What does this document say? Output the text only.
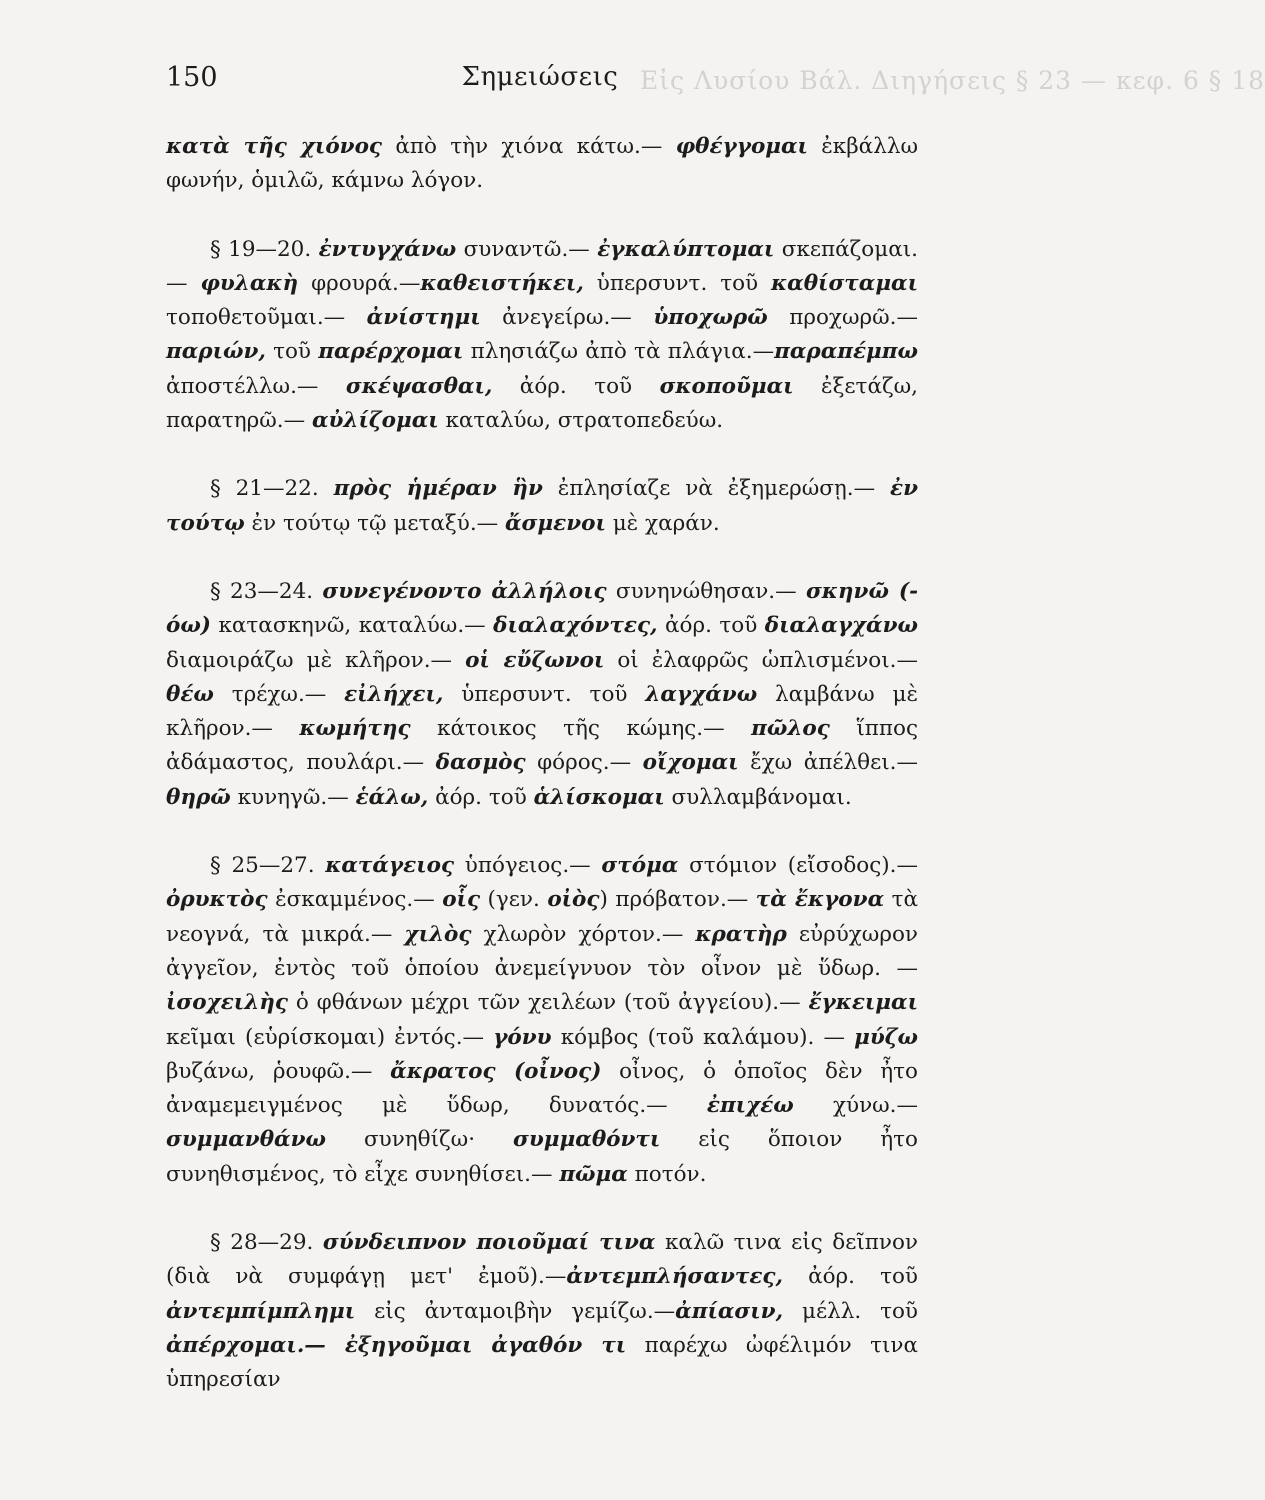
Εἰς Λυσίου Βάλ. Διηγήσεις § 23 — κεφ. 6 § 18
150	Σημειώσεις

κατὰ τῆς χιόνος ἀπὸ τὴν χιόνα κάτω.— φθέγγομαι ἐκβάλλω φωνήν, ὁμιλῶ, κάμνω λόγον.

§ 19—20. ἐντυγχάνω συναντῶ.— ἐγκαλύπτομαι σκεπάζομαι.— φυλακὴ φρουρά.—καθειστήκει, ὑπερσυντ. τοῦ καθίσταμαι τοποθετοῦμαι.— ἀνίστημι ἀνεγείρω.— ὑποχωρῶ προχωρῶ.— παριών, τοῦ παρέρχομαι πλησιάζω ἀπὸ τὰ πλάγια.—παραπέμπω ἀποστέλλω.— σκέψασθαι, ἀόρ. τοῦ σκοποῦμαι ἐξετάζω, παρατηρῶ.— αὐλίζομαι καταλύω, στρατοπεδεύω.

§ 21—22. πρὸς ἡμέραν ἣν ἐπλησίαζε νὰ ἐξημερώσῃ.— ἐν τούτῳ ἐν τούτῳ τῷ μεταξύ.— ἄσμενοι μὲ χαράν.

§ 23—24. συνεγένοντο ἀλλήλοις συνηνώθησαν.— σκηνῶ (-όω) κατασκηνῶ, καταλύω.— διαλαχόντες, ἀόρ. τοῦ διαλαγχάνω διαμοιράζω μὲ κλῆρον.— οἱ εὔζωνοι οἱ ἐλαφρῶς ὡπλισμένοι.— θέω τρέχω.— εἰλήχει, ὑπερσυντ. τοῦ λαγχάνω λαμβάνω μὲ κλῆρον.— κωμήτης κάτοικος τῆς κώμης.— πῶλος ἵππος ἀδάμαστος, πουλάρι.— δασμὸς φόρος.— οἴχομαι ἔχω ἀπέλθει.— θηρῶ κυνηγῶ.— ἑάλω, ἀόρ. τοῦ ἁλίσκομαι συλλαμβάνομαι.

§ 25—27. κατάγειος ὑπόγειος.— στόμα στόμιον (εἴσοδος).— ὀρυκτὸς ἐσκαμμένος.— οἷς (γεν. οἰὸς) πρόβατον.— τὰ ἔκγονα τὰ νεογνά, τὰ μικρά.— χιλὸς χλωρὸν χόρτον.— κρατὴρ εὐρύχωρον ἀγγεῖον, ἐντὸς τοῦ ὁποίου ἀνεμείγνυον τὸν οἶνον μὲ ὕδωρ. — ἰσοχειλὴς ὁ φθάνων μέχρι τῶν χειλέων (τοῦ ἀγγείου).— ἔγκειμαι κεῖμαι (εὑρίσκομαι) ἐντός.— γόνυ κόμβος (τοῦ καλάμου). — μύζω βυζάνω, ῥουφῶ.— ἄκρατος (οἶνος) οἶνος, ὁ ὁποῖος δὲν ἦτο ἀναμεμειγμένος μὲ ὕδωρ, δυνατός.— ἐπιχέω χύνω.— συμμανθάνω συνηθίζω· συμμαθόντι εἰς ὅποιον ἦτο συνηθισμένος, τὸ εἶχε συνηθίσει.— πῶμα ποτόν.

§ 28—29. σύνδειπνον ποιοῦμαί τινα καλῶ τινα εἰς δεῖπνον (διὰ νὰ συμφάγῃ μετ' ἐμοῦ).—ἀντεμπλήσαντες, ἀόρ. τοῦ ἀντεμπίμπλημι εἰς ἀνταμοιβὴν γεμίζω.—ἀπίασιν, μέλλ. τοῦ ἀπέρχομαι.— ἐξηγοῦμαι ἀγαθόν τι παρέχω ὠφέλιμόν τινα ὑπηρεσίαν
